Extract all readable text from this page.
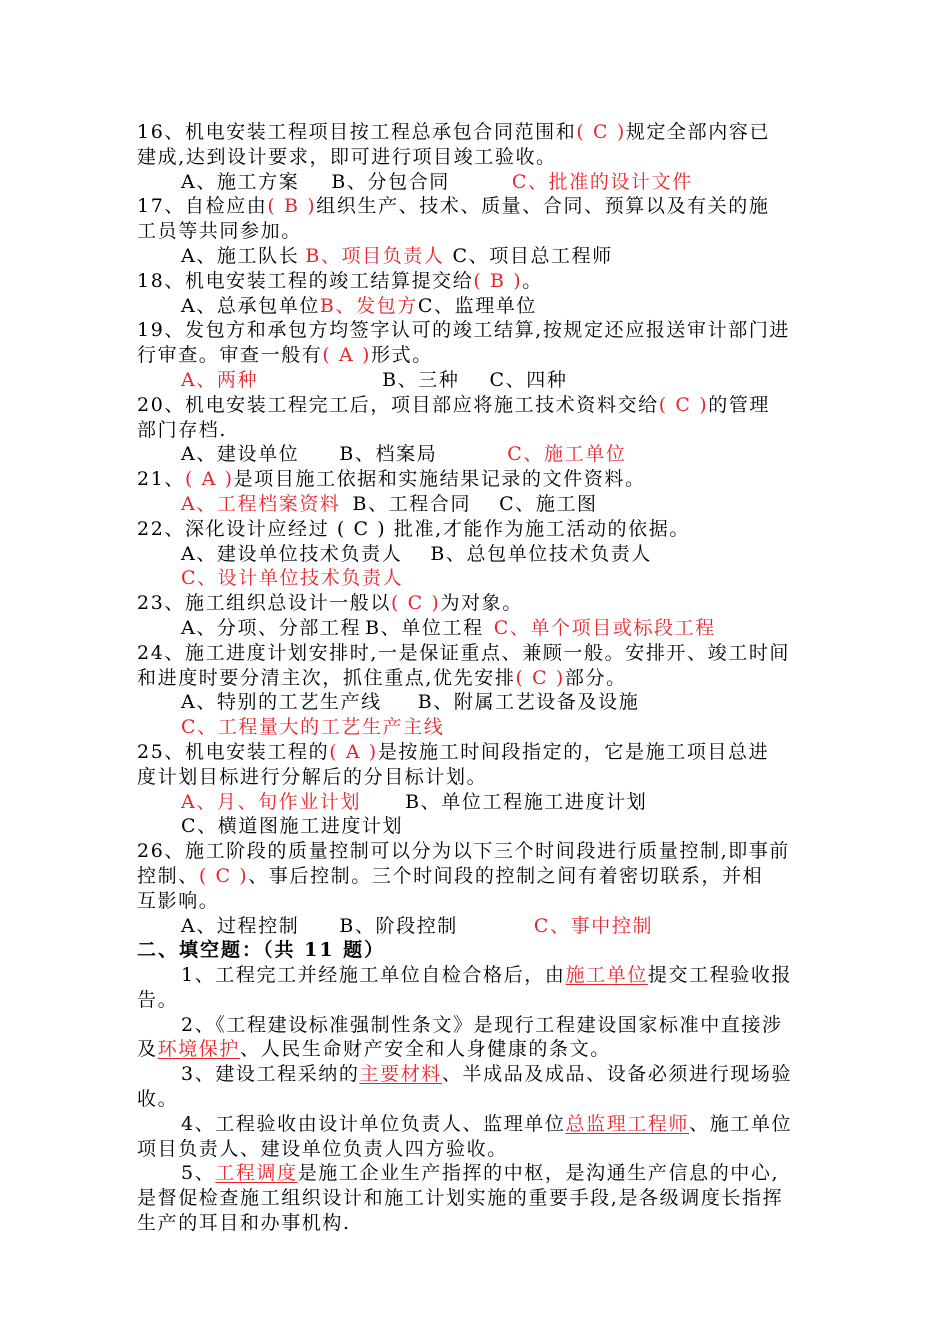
16、机电安装工程项目按工程总承包合同范围和( C )规定全部内容已
建成,达到设计要求，即可进行项目竣工验收。
A、施工方案 B、分包合同	C、批准的设计文件
17、自检应由( B )组织生产、技术、质量、合同、预算以及有关的施
工员等共同参加。
A、施工队长 B、项目负责人 C、项目总工程师
18、机电安装工程的竣工结算提交给( B )。
A、总承包单位B、发包方C、监理单位
19、发包方和承包方均签字认可的竣工结算,按规定还应报送审计部门进
行审查。审查一般有( A )形式。
A、两种	B、三种 C、四种
20、机电安装工程完工后，项目部应将施工技术资料交给( C )的管理
部门存档.
A、建设单位 B、档案局	C、施工单位
21、( A )是项目施工依据和实施结果记录的文件资料。
A、工程档案资料 B、工程合同 C、施工图
22、深化设计应经过 ( C ) 批准,才能作为施工活动的依据。
A、建设单位技术负责人 B、总包单位技术负责人
C、设计单位技术负责人
23、施工组织总设计一般以( C )为对象。
A、分项、分部工程 B、单位工程 C、单个项目或标段工程
24、施工进度计划安排时,一是保证重点、兼顾一般。安排开、竣工时间
和进度时要分清主次，抓住重点,优先安排( C )部分。
A、特别的工艺生产线 B、附属工艺设备及设施
C、工程量大的工艺生产主线
25、机电安装工程的( A )是按施工时间段指定的，它是施工项目总进
度计划目标进行分解后的分目标计划。
A、月、旬作业计划 B、单位工程施工进度计划
C、横道图施工进度计划
26、施工阶段的质量控制可以分为以下三个时间段进行质量控制,即事前
控制、( C )、事后控制。三个时间段的控制之间有着密切联系，并相
互影响。
A、过程控制 B、阶段控制	C、事中控制
二、填空题：（共 11 题）
1、工程完工并经施工单位自检合格后，由施工单位提交工程验收报
告。
2、《工程建设标准强制性条文》是现行工程建设国家标准中直接涉
及环境保护、人民生命财产安全和人身健康的条文。
3、建设工程采纳的主要材料、半成品及成品、设备必须进行现场验
收。
4、工程验收由设计单位负责人、监理单位总监理工程师、施工单位
项目负责人、建设单位负责人四方验收。
5、工程调度是施工企业生产指挥的中枢，是沟通生产信息的中心,
是督促检查施工组织设计和施工计划实施的重要手段,是各级调度长指挥
生产的耳目和办事机构.
